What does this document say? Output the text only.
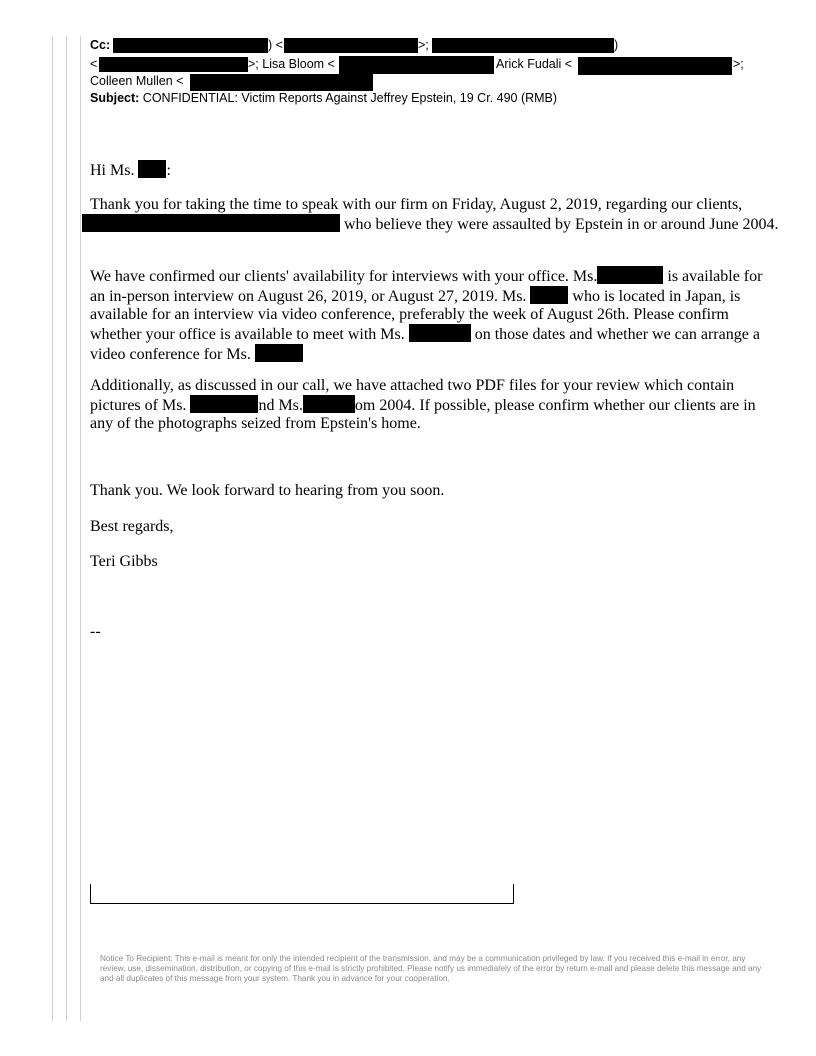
Cc:	) <	>;	)
<	>; Lisa Bloom <	Arick Fudali <	>;
Colleen Mullen <
Subject: CONFIDENTIAL: Victim Reports Against Jeffrey Epstein, 19 Cr. 490 (RMB)
Hi Ms. :

Thank you for taking the time to speak with our firm on Friday, August 2, 2019, regarding our clients,
who believe they were assaulted by Epstein in or around June 2004.

We have confirmed our clients' availability for interviews with your office. Ms.	is available for an in-person interview on August 26, 2019, or August 27, 2019. Ms.	who is located in Japan, is available for an interview via video conference, preferably the week of August 26th. Please confirm whether your office is available to meet with Ms.	on those dates and whether we can arrange a video conference for Ms.

Additionally, as discussed in our call, we have attached two PDF files for your review which contain pictures of Ms.	nd Ms.	om 2004. If possible, please confirm whether our clients are in any of the photographs seized from Epstein's home.

Thank you. We look forward to hearing from you soon.
Best regards,
Teri Gibbs
--
Notice To Recipient: This e-mail is meant for only the intended recipient of the transmission, and may be a communication privileged by law. If you received this e-mail in error, any review, use, dissemination, distribution, or copying of this e-mail is strictly prohibited. Please notify us immediately of the error by return e-mail and please delete this message and any and all duplicates of this message from your system. Thank you in advance for your cooperation.
